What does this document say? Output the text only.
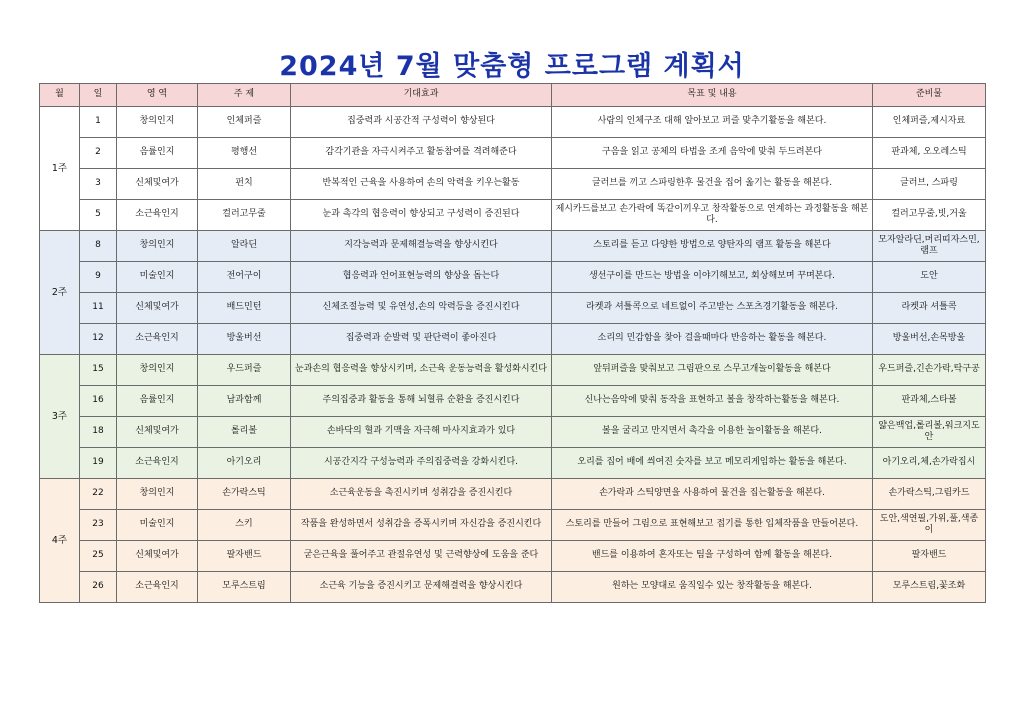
2024년 7월 맞춤형 프로그램 계획서
월	일	영 역	주 제	기대효과	목표 및 내용	준비물
1주	1	창의인지	인체퍼즐	집중력과 시공간적 구성력이 향상된다	사람의 인체구조 대해 알아보고 퍼즐 맞추기활동을 해본다.	인체퍼즐,제시자료
	2	음률인지	평행선	감각기관을 자극시켜주고 활동참여를 격려해준다	구음을 읽고 공체의 타법을 조게 음악에 맞춰 두드려본다	판과체, 오오레스틱
	3	신체및여가	펀치	반복적인 근육을 사용하여 손의 악력을 키우는활동	글러브를 끼고 스파링한후 물건을 집어 옮기는 활동을 해본다.	글러브, 스파링
	5	소근육인지	컬러고무줄	눈과 촉각의 협응력이 향상되고 구성력이 증진된다	제시카드를보고 손가락에 똑같이끼우고 창작활동으로 연계하는 과정활동을 해본다.	컬러고무줄,빗,거울
2주	8	창의인지	알라딘	지각능력과 문제해결능력을 향상시킨다	스토리를 듣고 다양한 방법으로 양탄자의 램프 활동을 해본다	모자알라딘,머리띠자스민,램프
	9	미술인지	전어구이	협응력과 언어표현능력의 향상을 돕는다	생선구이를 만드는 방법을 이야기해보고, 회상해보며 꾸며본다.	도안
	11	신체및여가	배드민턴	신체조절능력 및 유연성,손의 악력등을 증진시킨다	라켓과 셔틀콕으로 네트없이 주고받는 스포츠경기활동을 해본다.	라켓과 셔틀콕
	12	소근육인지	방울버선	집중력과 순발력 및 판단력이 좋아진다	소리의 민감함을 찾아 걸을때마다 반응하는 활동을 해본다.	방울버선,손목방울
3주	15	창의인지	우드퍼즐	눈과손의 협응력을 향상시키며, 소근육 운동능력을 활성화시킨다	앞뒤퍼즐을 맞춰보고 그림판으로 스무고개놀이활동을 해본다	우드퍼즐,긴손가락,탁구공
	16	음률인지	남과함께	주의집중과 활동을 통해 뇌혈류 순환을 증진시킨다	신나는음악에 맞춰 동작을 표현하고 볼을 창작하는활동을 해본다.	판과체,스타볼
	18	신체및여가	롤리볼	손바닥의 혈과 기맥을 자극해 마사지효과가 있다	볼을 굴리고 만지면서 촉각을 이용한 놀이활동을 해본다.	얇은백업,롤리볼,워크지도안
	19	소근육인지	아기오리	시공간지각 구성능력과 주의집중력을 강화시킨다.	오리를 집어 배에 씌여진 숫자를 보고 메모리게임하는 활동을 해본다.	아기오리,체,손가락집시
4주	22	창의인지	손가락스틱	소근육운동을 촉진시키며 성취감을 증진시킨다	손가락과 스틱양면을 사용하여 물건을 집는활동을 해본다.	손가락스틱,그림카드
	23	미술인지	스키	작품을 완성하면서 성취감을 증폭시키며 자신감을 증진시킨다	스토리를 만들어 그림으로 표현해보고 접기를 통한 입체작품을 만들어본다.	도안,색연필,가위,풀,색종이
	25	신체및여가	팔자밴드	굳은근육을 풀어주고 관절유연성 및 근력향상에 도움을 준다	밴드를 이용하여 혼자또는 팀을 구성하여 함께 활동을 해본다.	팔자밴드
	26	소근육인지	모루스트림	소근육 기능을 증진시키고 문제해결력을 향상시킨다	원하는 모양대로 움직일수 있는 창작활동을 해본다.	모루스트림,꽃조화
